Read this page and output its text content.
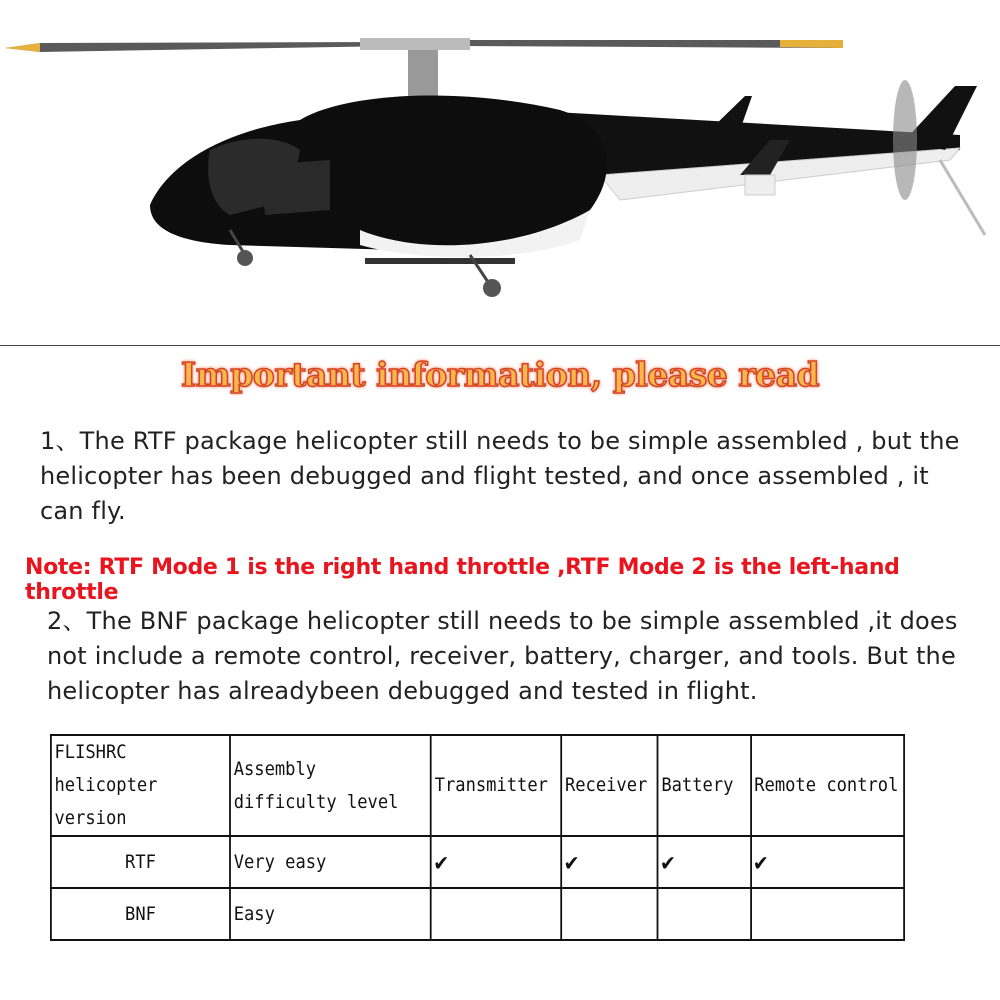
Important information, please read
1、The RTF package helicopter still needs to be simple assembled , but the helicopter has been debugged and flight tested, and once assembled , it can fly.
Note: RTF Mode 1 is the right hand throttle ,RTF Mode 2 is the left-hand throttle
2、The BNF package helicopter still needs to be simple assembled ,it does not include a remote control, receiver, battery, charger, and tools. But the helicopter has alreadybeen debugged and tested in flight.
FLISHRC helicopter version	Assembly difficulty level	Transmitter	Receiver	Battery	Remote control
RTF	Very easy	✔	✔	✔	✔
BNF	Easy				
